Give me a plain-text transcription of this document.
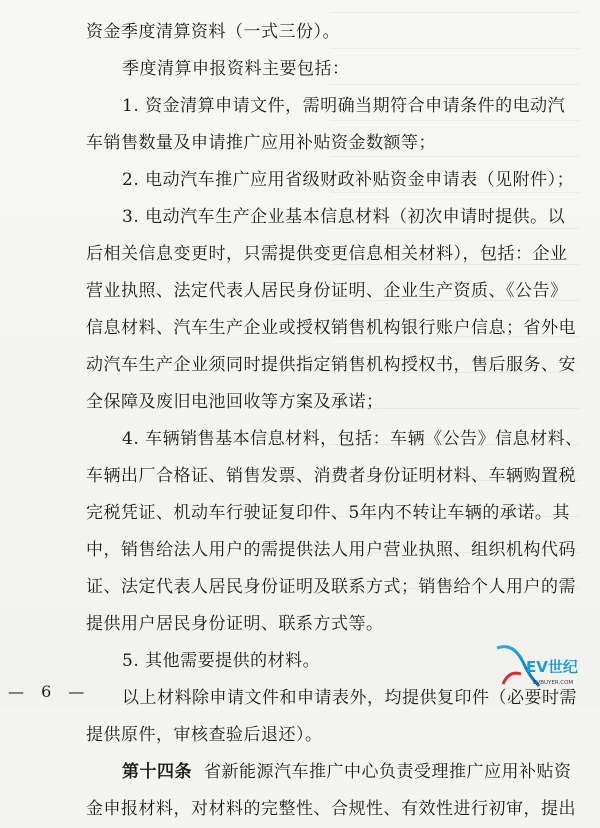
资金季度清算资料（一式三份）。
季度清算申报资料主要包括：
1. 资金清算申请文件，需明确当期符合申请条件的电动汽
车销售数量及申请推广应用补贴资金数额等；
2. 电动汽车推广应用省级财政补贴资金申请表（见附件）；
3. 电动汽车生产企业基本信息材料（初次申请时提供。以
后相关信息变更时，只需提供变更信息相关材料），包括：企业
营业执照、法定代表人居民身份证明、企业生产资质、《公告》
信息材料、汽车生产企业或授权销售机构银行账户信息；省外电
动汽车生产企业须同时提供指定销售机构授权书，售后服务、安
全保障及废旧电池回收等方案及承诺；
4. 车辆销售基本信息材料，包括：车辆《公告》信息材料、
车辆出厂合格证、销售发票、消费者身份证明材料、车辆购置税
完税凭证、机动车行驶证复印件、5年内不转让车辆的承诺。其
中，销售给法人用户的需提供法人用户营业执照、组织机构代码
证、法定代表人居民身份证明及联系方式；销售给个人用户的需
提供用户居民身份证明、联系方式等。
5. 其他需要提供的材料。
以上材料除申请文件和申请表外，均提供复印件（必要时需
提供原件，审核查验后退还）。
第十四条 省新能源汽车推广中心负责受理推广应用补贴资
金申报材料，对材料的完整性、合规性、有效性进行初审，提出
— 6 —
EV世纪
EVBUYER.COM
